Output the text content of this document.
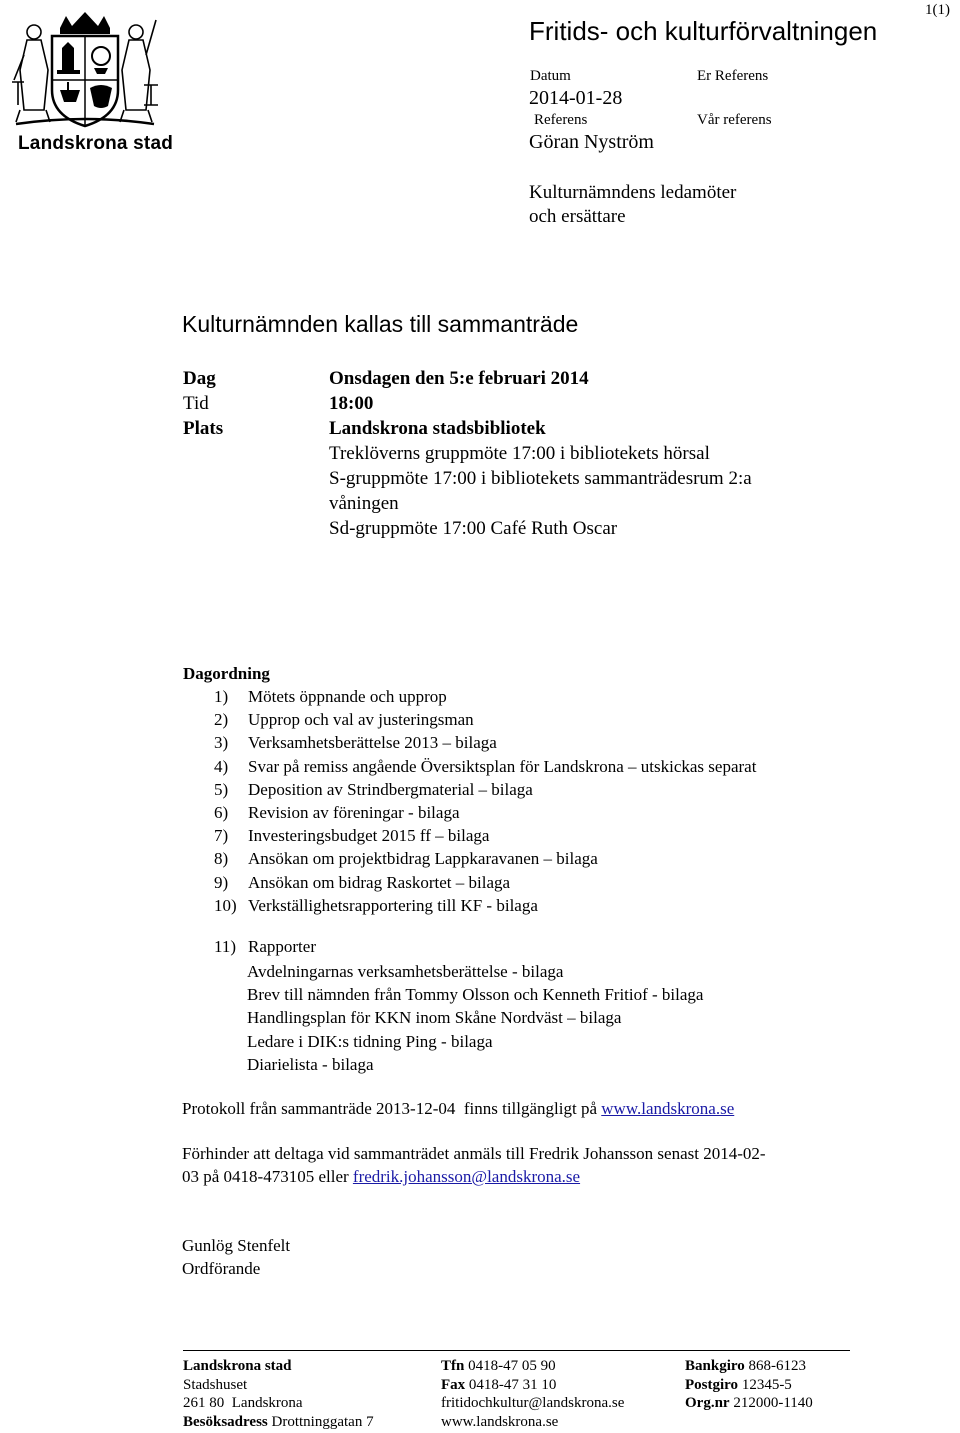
1(1)
Landskrona stad
Fritids- och kulturförvaltningen
Datum
2014-01-28
Referens
Göran Nyström
Er Referens
Vår referens
Kulturnämndens ledamöter
och ersättare
Kulturnämnden kallas till sammanträde
Dag	Onsdagen den 5:e februari 2014
Tid	18:00
Plats	Landskrona stadsbibliotek
Treklöverns gruppmöte 17:00 i bibliotekets hörsal
S-gruppmöte 17:00 i bibliotekets sammanträdesrum 2:a
våningen
Sd-gruppmöte 17:00 Café Ruth Oscar
Dagordning
1)	Mötets öppnande och upprop
2)	Upprop och val av justeringsman
3)	Verksamhetsberättelse 2013 – bilaga
4)	Svar på remiss angående Översiktsplan för Landskrona – utskickas separat
5)	Deposition av Strindbergmaterial – bilaga
6)	Revision av föreningar - bilaga
7)	Investeringsbudget 2015 ff – bilaga
8)	Ansökan om projektbidrag Lappkaravanen – bilaga
9)	Ansökan om bidrag Raskortet – bilaga
10) Verkställighetsrapportering till KF - bilaga
11) Rapporter
Avdelningarnas verksamhetsberättelse - bilaga
Brev till nämnden från Tommy Olsson och Kenneth Fritiof - bilaga
Handlingsplan för KKN inom Skåne Nordväst – bilaga
Ledare i DIK:s tidning Ping - bilaga
Diarielista - bilaga
Protokoll från sammanträde 2013-12-04  finns tillgängligt på www.landskrona.se
Förhinder att deltaga vid sammanträdet anmäls till Fredrik Johansson senast 2014-02-
03 på 0418-473105 eller fredrik.johansson@landskrona.se
Gunlög Stenfelt
Ordförande
Landskrona stad
Stadshuset
261 80  Landskrona
Besöksadress Drottninggatan 7
Tfn 0418-47 05 90
Fax 0418-47 31 10
fritidochkultur@landskrona.se
www.landskrona.se
Bankgiro 868-6123
Postgiro 12345-5
Org.nr 212000-1140
